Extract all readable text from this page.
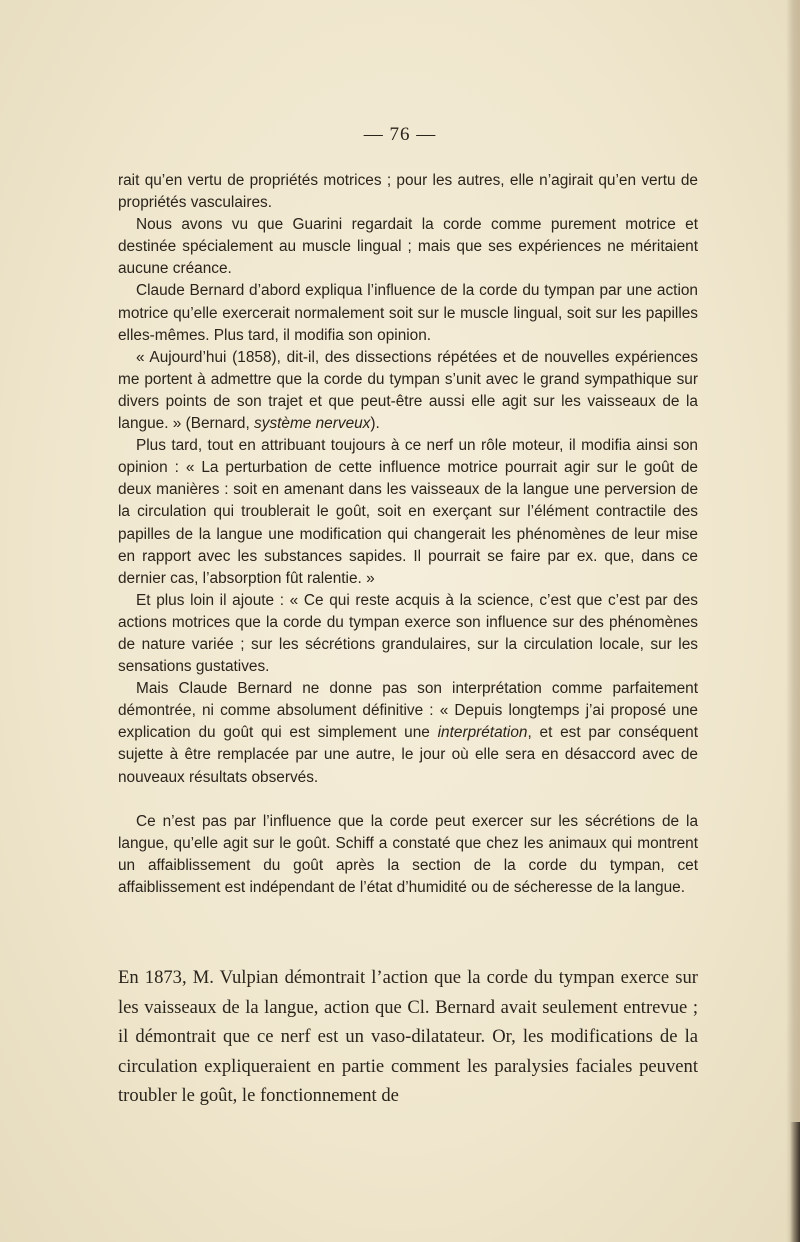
— 76 —

rait qu’en vertu de propriétés motrices ; pour les autres, elle n’agirait qu’en vertu de propriétés vasculaires.

Nous avons vu que Guarini regardait la corde comme purement motrice et destinée spécialement au muscle lingual ; mais que ses expériences ne méritaient aucune créance.

Claude Bernard d’abord expliqua l’influence de la corde du tympan par une action motrice qu’elle exercerait normalement soit sur le muscle lingual, soit sur les papilles elles-mêmes. Plus tard, il modifia son opinion.

« Aujourd’hui (1858), dit-il, des dissections répétées et de nouvelles expériences me portent à admettre que la corde du tympan s’unit avec le grand sympathique sur divers points de son trajet et que peut-être aussi elle agit sur les vaisseaux de la langue. » (Bernard, système nerveux).

Plus tard, tout en attribuant toujours à ce nerf un rôle moteur, il modifia ainsi son opinion : « La perturbation de cette influence motrice pourrait agir sur le goût de deux manières : soit en amenant dans les vaisseaux de la langue une perversion de la circulation qui troublerait le goût, soit en exerçant sur l’élément contractile des papilles de la langue une modification qui changerait les phénomènes de leur mise en rapport avec les substances sapides. Il pourrait se faire par ex. que, dans ce dernier cas, l’absorption fût ralentie. »

Et plus loin il ajoute : « Ce qui reste acquis à la science, c’est que c’est par des actions motrices que la corde du tympan exerce son influence sur des phénomènes de nature variée ; sur les sécrétions grandulaires, sur la circulation locale, sur les sensations gustatives.

Mais Claude Bernard ne donne pas son interprétation comme parfaitement démontrée, ni comme absolument définitive : « Depuis longtemps j’ai proposé une explication du goût qui est simplement une interprétation, et est par conséquent sujette à être remplacée par une autre, le jour où elle sera en désaccord avec de nouveaux résultats observés.

Ce n’est pas par l’influence que la corde peut exercer sur les sécrétions de la langue, qu’elle agit sur le goût. Schiff a constaté que chez les animaux qui montrent un affaiblissement du goût après la section de la corde du tympan, cet affaiblissement est indépendant de l’état d’humidité ou de sécheresse de la langue.

En 1873, M. Vulpian démontrait l’action que la corde du tympan exerce sur les vaisseaux de la langue, action que Cl. Bernard avait seulement entrevue ; il démontrait que ce nerf est un vaso-dilatateur. Or, les modifications de la circulation expliqueraient en partie comment les paralysies faciales peuvent troubler le goût, le fonctionnement de
